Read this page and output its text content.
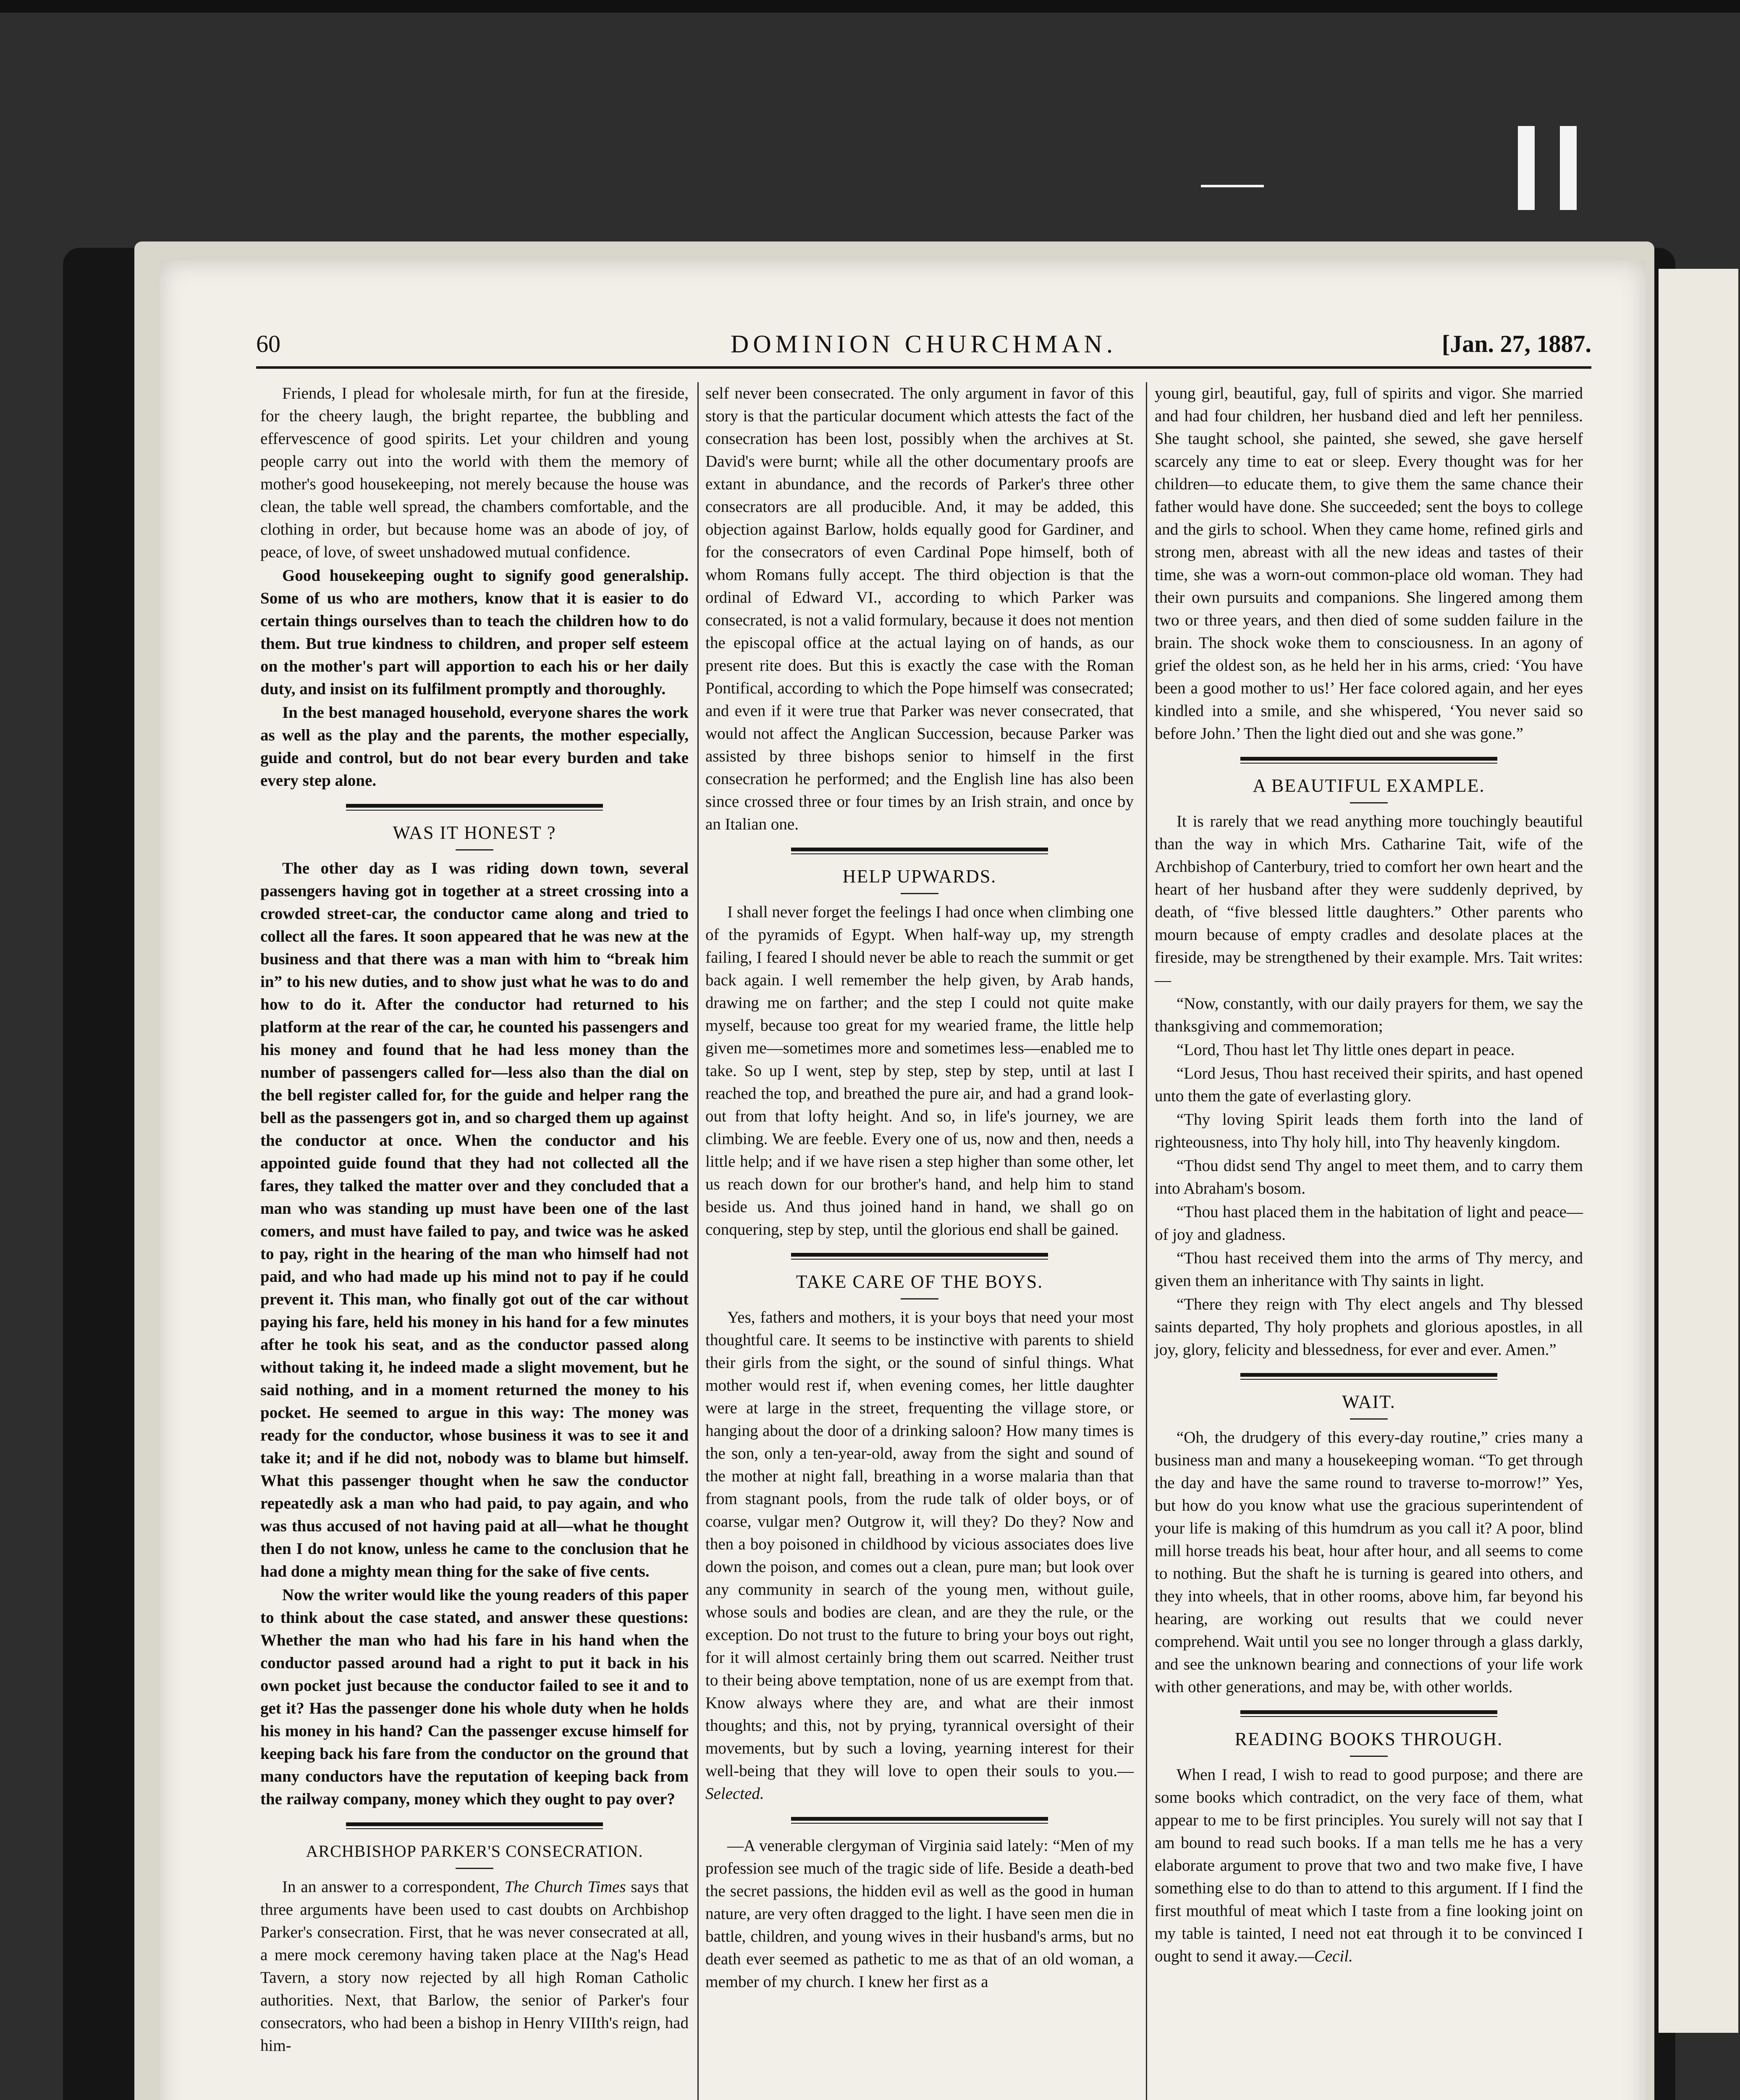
60	DOMINION CHURCHMAN.	[Jan. 27, 1887.

Friends, I plead for wholesale mirth, for fun at the fireside, for the cheery laugh, the bright repartee, the bubbling and effervescence of good spirits. Let your children and young people carry out into the world with them the memory of mother's good housekeeping, not merely because the house was clean, the table well spread, the chambers comfortable, and the clothing in order, but because home was an abode of joy, of peace, of love, of sweet unshadowed mutual confidence.

Good housekeeping ought to signify good generalship. Some of us who are mothers, know that it is easier to do certain things ourselves than to teach the children how to do them. But true kindness to children, and proper self esteem on the mother's part will apportion to each his or her daily duty, and insist on its fulfilment promptly and thoroughly.

In the best managed household, everyone shares the work as well as the play and the parents, the mother especially, guide and control, but do not bear every burden and take every step alone.

WAS IT HONEST ?

The other day as I was riding down town, several passengers having got in together at a street crossing into a crowded street-car, the conductor came along and tried to collect all the fares. It soon appeared that he was new at the business and that there was a man with him to “break him in” to his new duties, and to show just what he was to do and how to do it. After the conductor had returned to his platform at the rear of the car, he counted his passengers and his money and found that he had less money than the number of passengers called for—less also than the dial on the bell register called for, for the guide and helper rang the bell as the passengers got in, and so charged them up against the conductor at once. When the conductor and his appointed guide found that they had not collected all the fares, they talked the matter over and they concluded that a man who was standing up must have been one of the last comers, and must have failed to pay, and twice was he asked to pay, right in the hearing of the man who himself had not paid, and who had made up his mind not to pay if he could prevent it. This man, who finally got out of the car without paying his fare, held his money in his hand for a few minutes after he took his seat, and as the conductor passed along without taking it, he indeed made a slight movement, but he said nothing, and in a moment returned the money to his pocket. He seemed to argue in this way: The money was ready for the conductor, whose business it was to see it and take it; and if he did not, nobody was to blame but himself. What this passenger thought when he saw the conductor repeatedly ask a man who had paid, to pay again, and who was thus accused of not having paid at all—what he thought then I do not know, unless he came to the conclusion that he had done a mighty mean thing for the sake of five cents.

Now the writer would like the young readers of this paper to think about the case stated, and answer these questions: Whether the man who had his fare in his hand when the conductor passed around had a right to put it back in his own pocket just because the conductor failed to see it and to get it? Has the passenger done his whole duty when he holds his money in his hand? Can the passenger excuse himself for keeping back his fare from the conductor on the ground that many conductors have the reputation of keeping back from the railway company, money which they ought to pay over?

ARCHBISHOP PARKER'S CONSECRATION.

In an answer to a correspondent, The Church Times says that three arguments have been used to cast doubts on Archbishop Parker's consecration. First, that he was never consecrated at all, a mere mock ceremony having taken place at the Nag's Head Tavern, a story now rejected by all high Roman Catholic authorities. Next, that Barlow, the senior of Parker's four consecrators, who had been a bishop in Henry VIIIth's reign, had him-

self never been consecrated. The only argument in favor of this story is that the particular document which attests the fact of the consecration has been lost, possibly when the archives at St. David's were burnt; while all the other documentary proofs are extant in abundance, and the records of Parker's three other consecrators are all producible. And, it may be added, this objection against Barlow, holds equally good for Gardiner, and for the consecrators of even Cardinal Pope himself, both of whom Romans fully accept. The third objection is that the ordinal of Edward VI., according to which Parker was consecrated, is not a valid formulary, because it does not mention the episcopal office at the actual laying on of hands, as our present rite does. But this is exactly the case with the Roman Pontifical, according to which the Pope himself was consecrated; and even if it were true that Parker was never consecrated, that would not affect the Anglican Succession, because Parker was assisted by three bishops senior to himself in the first consecration he performed; and the English line has also been since crossed three or four times by an Irish strain, and once by an Italian one.

HELP UPWARDS.

I shall never forget the feelings I had once when climbing one of the pyramids of Egypt. When half-way up, my strength failing, I feared I should never be able to reach the summit or get back again. I well remember the help given, by Arab hands, drawing me on farther; and the step I could not quite make myself, because too great for my wearied frame, the little help given me—sometimes more and sometimes less—enabled me to take. So up I went, step by step, step by step, until at last I reached the top, and breathed the pure air, and had a grand look-out from that lofty height. And so, in life's journey, we are climbing. We are feeble. Every one of us, now and then, needs a little help; and if we have risen a step higher than some other, let us reach down for our brother's hand, and help him to stand beside us. And thus joined hand in hand, we shall go on conquering, step by step, until the glorious end shall be gained.

TAKE CARE OF THE BOYS.

Yes, fathers and mothers, it is your boys that need your most thoughtful care. It seems to be instinctive with parents to shield their girls from the sight, or the sound of sinful things. What mother would rest if, when evening comes, her little daughter were at large in the street, frequenting the village store, or hanging about the door of a drinking saloon? How many times is the son, only a ten-year-old, away from the sight and sound of the mother at night fall, breathing in a worse malaria than that from stagnant pools, from the rude talk of older boys, or of coarse, vulgar men? Outgrow it, will they? Do they? Now and then a boy poisoned in childhood by vicious associates does live down the poison, and comes out a clean, pure man; but look over any community in search of the young men, without guile, whose souls and bodies are clean, and are they the rule, or the exception. Do not trust to the future to bring your boys out right, for it will almost certainly bring them out scarred. Neither trust to their being above temptation, none of us are exempt from that. Know always where they are, and what are their inmost thoughts; and this, not by prying, tyrannical oversight of their movements, but by such a loving, yearning interest for their well-being that they will love to open their souls to you.—Selected.

—A venerable clergyman of Virginia said lately: “Men of my profession see much of the tragic side of life. Beside a death-bed the secret passions, the hidden evil as well as the good in human nature, are very often dragged to the light. I have seen men die in battle, children, and young wives in their husband's arms, but no death ever seemed as pathetic to me as that of an old woman, a member of my church. I knew her first as a

young girl, beautiful, gay, full of spirits and vigor. She married and had four children, her husband died and left her penniless. She taught school, she painted, she sewed, she gave herself scarcely any time to eat or sleep. Every thought was for her children—to educate them, to give them the same chance their father would have done. She succeeded; sent the boys to college and the girls to school. When they came home, refined girls and strong men, abreast with all the new ideas and tastes of their time, she was a worn-out common-place old woman. They had their own pursuits and companions. She lingered among them two or three years, and then died of some sudden failure in the brain. The shock woke them to consciousness. In an agony of grief the oldest son, as he held her in his arms, cried: ‘You have been a good mother to us!’ Her face colored again, and her eyes kindled into a smile, and she whispered, ‘You never said so before John.’ Then the light died out and she was gone.”

A BEAUTIFUL EXAMPLE.

It is rarely that we read anything more touchingly beautiful than the way in which Mrs. Catharine Tait, wife of the Archbishop of Canterbury, tried to comfort her own heart and the heart of her husband after they were suddenly deprived, by death, of “five blessed little daughters.” Other parents who mourn because of empty cradles and desolate places at the fireside, may be strengthened by their example. Mrs. Tait writes:—

“Now, constantly, with our daily prayers for them, we say the thanksgiving and commemoration;

“Lord, Thou hast let Thy little ones depart in peace.

“Lord Jesus, Thou hast received their spirits, and hast opened unto them the gate of everlasting glory.

“Thy loving Spirit leads them forth into the land of righteousness, into Thy holy hill, into Thy heavenly kingdom.

“Thou didst send Thy angel to meet them, and to carry them into Abraham's bosom.

“Thou hast placed them in the habitation of light and peace—of joy and gladness.

“Thou hast received them into the arms of Thy mercy, and given them an inheritance with Thy saints in light.

“There they reign with Thy elect angels and Thy blessed saints departed, Thy holy prophets and glorious apostles, in all joy, glory, felicity and blessedness, for ever and ever. Amen.”

WAIT.

“Oh, the drudgery of this every-day routine,” cries many a business man and many a housekeeping woman. “To get through the day and have the same round to traverse to-morrow!” Yes, but how do you know what use the gracious superintendent of your life is making of this humdrum as you call it? A poor, blind mill horse treads his beat, hour after hour, and all seems to come to nothing. But the shaft he is turning is geared into others, and they into wheels, that in other rooms, above him, far beyond his hearing, are working out results that we could never comprehend. Wait until you see no longer through a glass darkly, and see the unknown bearing and connections of your life work with other generations, and may be, with other worlds.

READING BOOKS THROUGH.

When I read, I wish to read to good purpose; and there are some books which contradict, on the very face of them, what appear to me to be first principles. You surely will not say that I am bound to read such books. If a man tells me he has a very elaborate argument to prove that two and two make five, I have something else to do than to attend to this argument. If I find the first mouthful of meat which I taste from a fine looking joint on my table is tainted, I need not eat through it to be convinced I ought to send it away.—Cecil.
